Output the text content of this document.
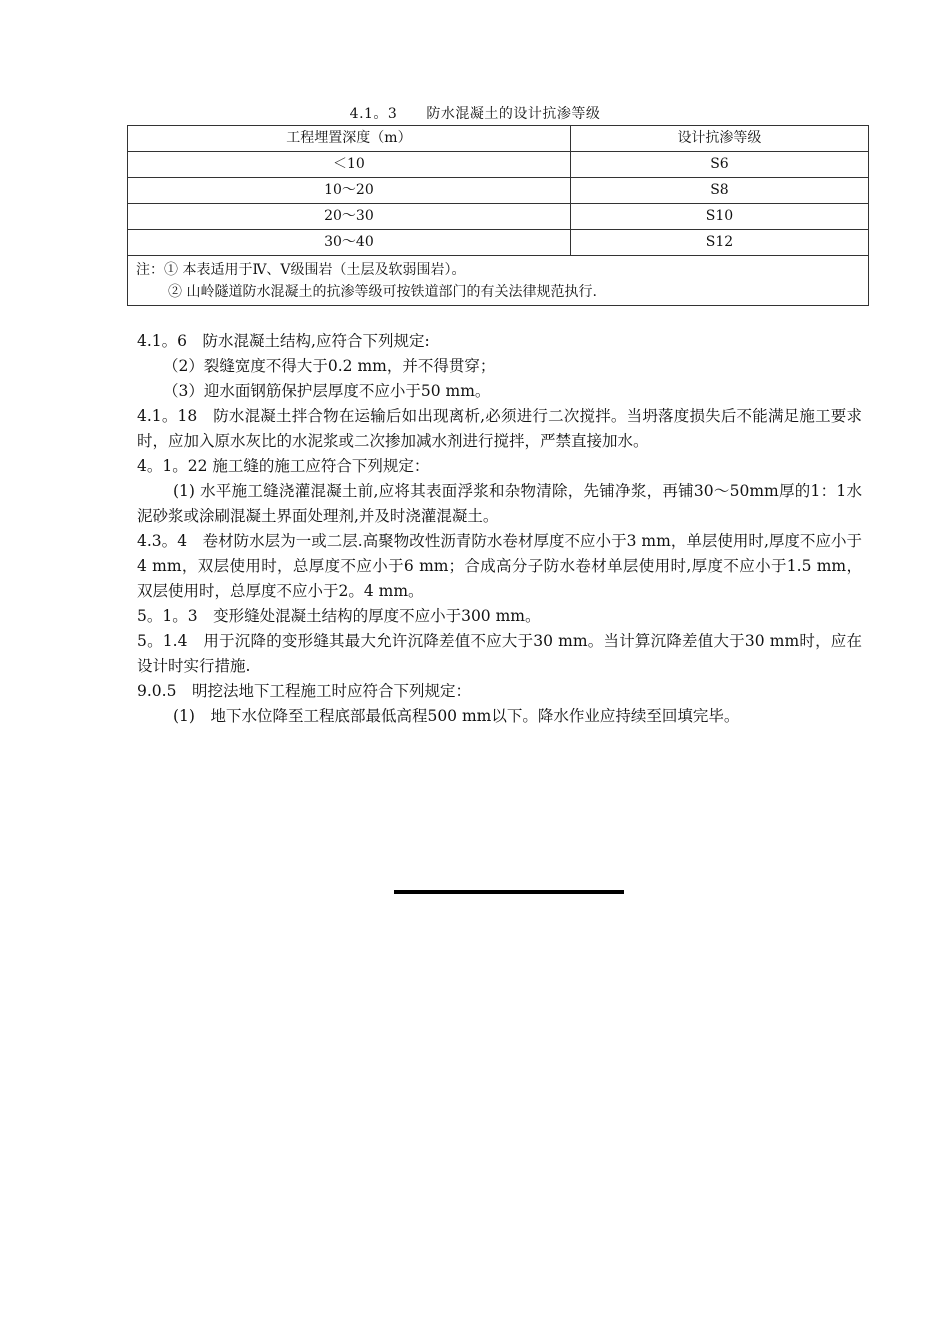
4.1。3　　防水混凝土的设计抗渗等级
工程埋置深度（m）	设计抗渗等级
＜10	S6
10～20	S8
20～30	S10
30～40	S12

注：① 本表适用于Ⅳ、Ⅴ级围岩（土层及软弱围岩）。
② 山岭隧道防水混凝土的抗渗等级可按铁道部门的有关法律规范执行.	

4.1。6　防水混凝土结构,应符合下列规定:

（2）裂缝宽度不得大于0.2 mm，并不得贯穿；

（3）迎水面钢筋保护层厚度不应小于50 mm。

4.1。18　防水混凝土拌合物在运输后如出现离析,必须进行二次搅拌。当坍落度损失后不能满足施工要求时，应加入原水灰比的水泥浆或二次掺加减水剂进行搅拌，严禁直接加水。

4。1。22 施工缝的施工应符合下列规定：

(1) 水平施工缝浇灌混凝土前,应将其表面浮浆和杂物清除，先铺净浆，再铺30～50mm厚的1：1水泥砂浆或涂刷混凝土界面处理剂,并及时浇灌混凝土。

4.3。4　卷材防水层为一或二层.高聚物改性沥青防水卷材厚度不应小于3 mm，单层使用时,厚度不应小于4 mm，双层使用时，总厚度不应小于6 mm；合成高分子防水卷材单层使用时,厚度不应小于1.5 mm，双层使用时，总厚度不应小于2。4 mm。

5。1。3　变形缝处混凝土结构的厚度不应小于300 mm。

5。1.4　用于沉降的变形缝其最大允许沉降差值不应大于30 mm。当计算沉降差值大于30 mm时，应在设计时实行措施.

9.0.5　明挖法地下工程施工时应符合下列规定：

(1)　地下水位降至工程底部最低高程500 mm以下。降水作业应持续至回填完毕。
